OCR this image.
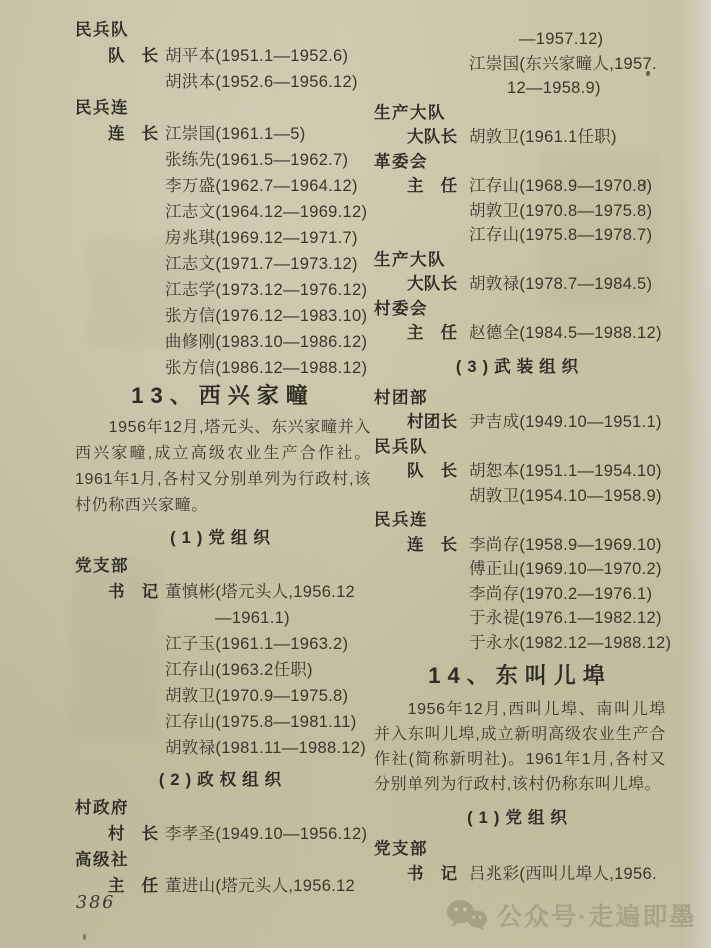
民兵队
队　长 胡平本(1951.1—1952.6)
胡洪本(1952.6—1956.12)
民兵连
连　长 江崇国(1961.1—5)
张练先(1961.5—1962.7)
李万盛(1962.7—1964.12)
江志文(1964.12—1969.12)
房兆琪(1969.12—1971.7)
江志文(1971.7—1973.12)
江志学(1973.12—1976.12)
张方信(1976.12—1983.10)
曲修刚(1983.10—1986.12)
张方信(1986.12—1988.12)
13、西兴家疃

1956年12月,塔元头、东兴家疃并入西兴家疃,成立高级农业生产合作社。1961年1月,各村又分别单列为行政村,该村仍称西兴家疃。

(1)党组织
党支部
书　记 董慎彬(塔元头人,1956.12
—1961.1)
江子玉(1961.1—1963.2)
江存山(1963.2任职)
胡敦卫(1970.9—1975.8)
江存山(1975.8—1981.11)
胡敦禄(1981.11—1988.12)
(2)政权组织
村政府
村　长 李孝圣(1949.10—1956.12)
高级社
主　任 董进山(塔元头人,1956.12
—1957.12)
江崇国(东兴家疃人,1957.
12—1958.9)
生产大队
大队长 胡敦卫(1961.1任职)
革委会
主　任 江存山(1968.9—1970.8)
胡敦卫(1970.8—1975.8)
江存山(1975.8—1978.7)
生产大队
大队长 胡敦禄(1978.7—1984.5)
村委会
主　任 赵德全(1984.5—1988.12)
(3)武装组织
村团部
村团长 尹吉成(1949.10—1951.1)
民兵队
队　长 胡恕本(1951.1—1954.10)
胡敦卫(1954.10—1958.9)
民兵连
连　长 李尚存(1958.9—1969.10)
傅正山(1969.10—1970.2)
李尚存(1970.2—1976.1)
于永禔(1976.1—1982.12)
于永水(1982.12—1988.12)
14、东叫儿埠

1956年12月,西叫儿埠、南叫儿埠并入东叫儿埠,成立新明高级农业生产合作社(简称新明社)。1961年1月,各村又分别单列为行政村,该村仍称东叫儿埠。

(1)党组织
党支部
书　记 吕兆彩(西叫儿埠人,1956.
386	公众号·走遍即墨
